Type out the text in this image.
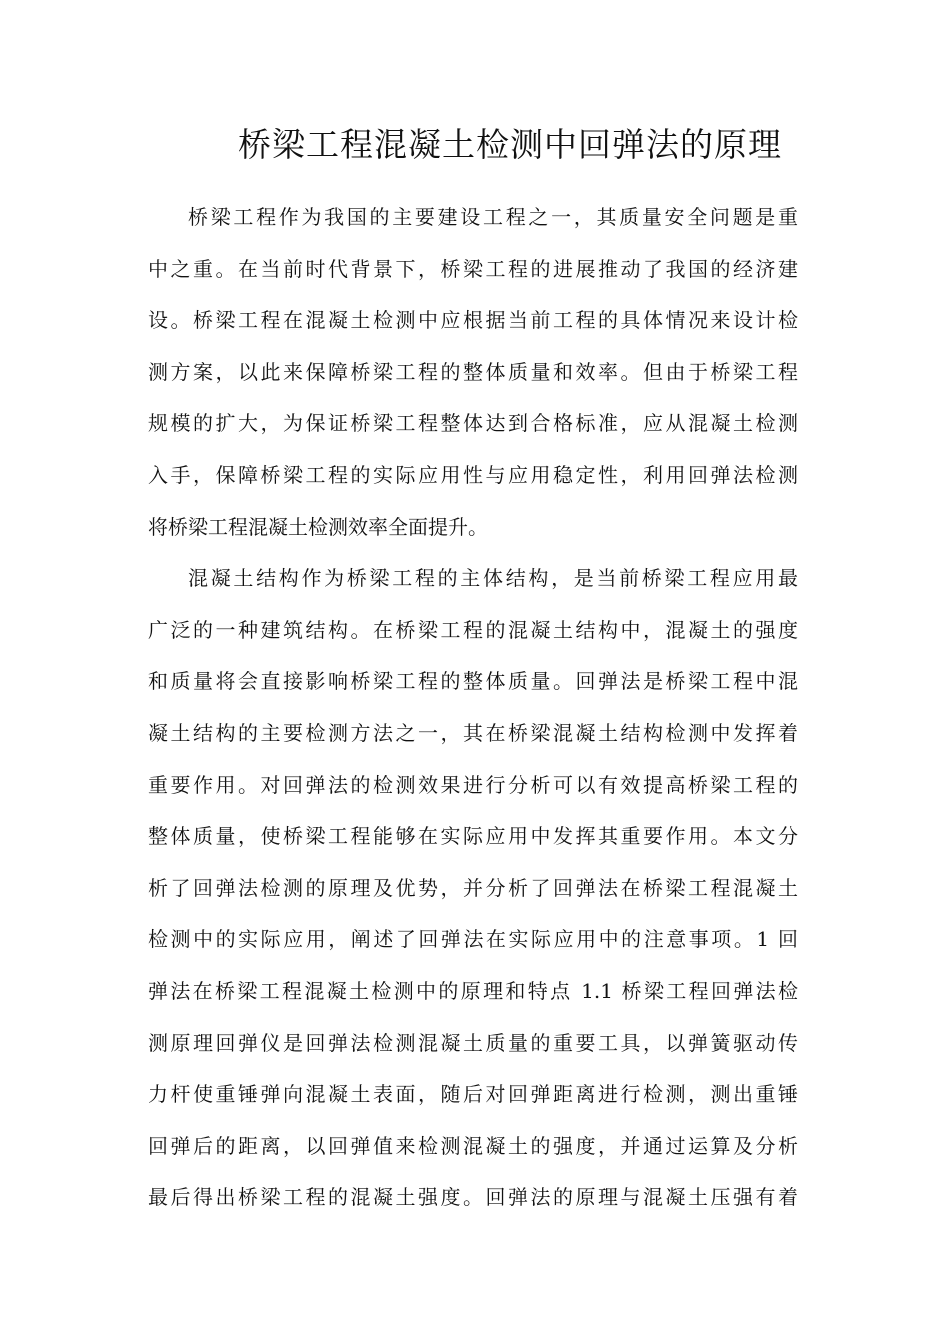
桥梁工程混凝土检测中回弹法的原理

桥梁工程作为我国的主要建设工程之一，其质量安全问题是重
中之重。在当前时代背景下，桥梁工程的进展推动了我国的经济建
设。桥梁工程在混凝土检测中应根据当前工程的具体情况来设计检
测方案，以此来保障桥梁工程的整体质量和效率。但由于桥梁工程
规模的扩大，为保证桥梁工程整体达到合格标准，应从混凝土检测
入手，保障桥梁工程的实际应用性与应用稳定性，利用回弹法检测
将桥梁工程混凝土检测效率全面提升。

混凝土结构作为桥梁工程的主体结构，是当前桥梁工程应用最
广泛的一种建筑结构。在桥梁工程的混凝土结构中，混凝土的强度
和质量将会直接影响桥梁工程的整体质量。回弹法是桥梁工程中混
凝土结构的主要检测方法之一，其在桥梁混凝土结构检测中发挥着
重要作用。对回弹法的检测效果进行分析可以有效提高桥梁工程的
整体质量，使桥梁工程能够在实际应用中发挥其重要作用。本文分
析了回弹法检测的原理及优势，并分析了回弹法在桥梁工程混凝土
检测中的实际应用，阐述了回弹法在实际应用中的注意事项。1 回
弹法在桥梁工程混凝土检测中的原理和特点 1.1 桥梁工程回弹法检
测原理回弹仪是回弹法检测混凝土质量的重要工具，以弹簧驱动传
力杆使重锤弹向混凝土表面，随后对回弹距离进行检测，测出重锤
回弹后的距离，以回弹值来检测混凝土的强度，并通过运算及分析
最后得出桥梁工程的混凝土强度。回弹法的原理与混凝土压强有着
